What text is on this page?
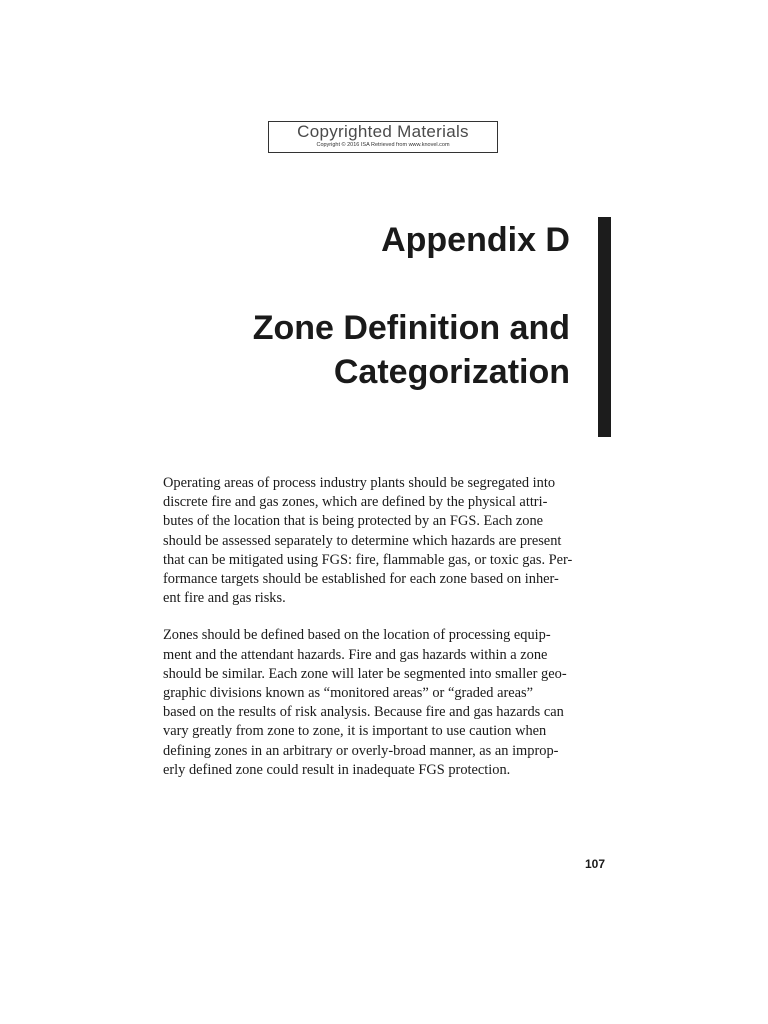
Copyrighted Materials
Copyright © 2016 ISA Retrieved from www.knovel.com
Appendix D
Zone Definition and
Categorization

Operating areas of process industry plants should be segregated into
discrete fire and gas zones, which are defined by the physical attri-
butes of the location that is being protected by an FGS. Each zone
should be assessed separately to determine which hazards are present
that can be mitigated using FGS: fire, flammable gas, or toxic gas. Per-
formance targets should be established for each zone based on inher-
ent fire and gas risks.

Zones should be defined based on the location of processing equip-
ment and the attendant hazards. Fire and gas hazards within a zone
should be similar. Each zone will later be segmented into smaller geo-
graphic divisions known as “monitored areas” or “graded areas”
based on the results of risk analysis. Because fire and gas hazards can
vary greatly from zone to zone, it is important to use caution when
defining zones in an arbitrary or overly-broad manner, as an improp-
erly defined zone could result in inadequate FGS protection.

107
